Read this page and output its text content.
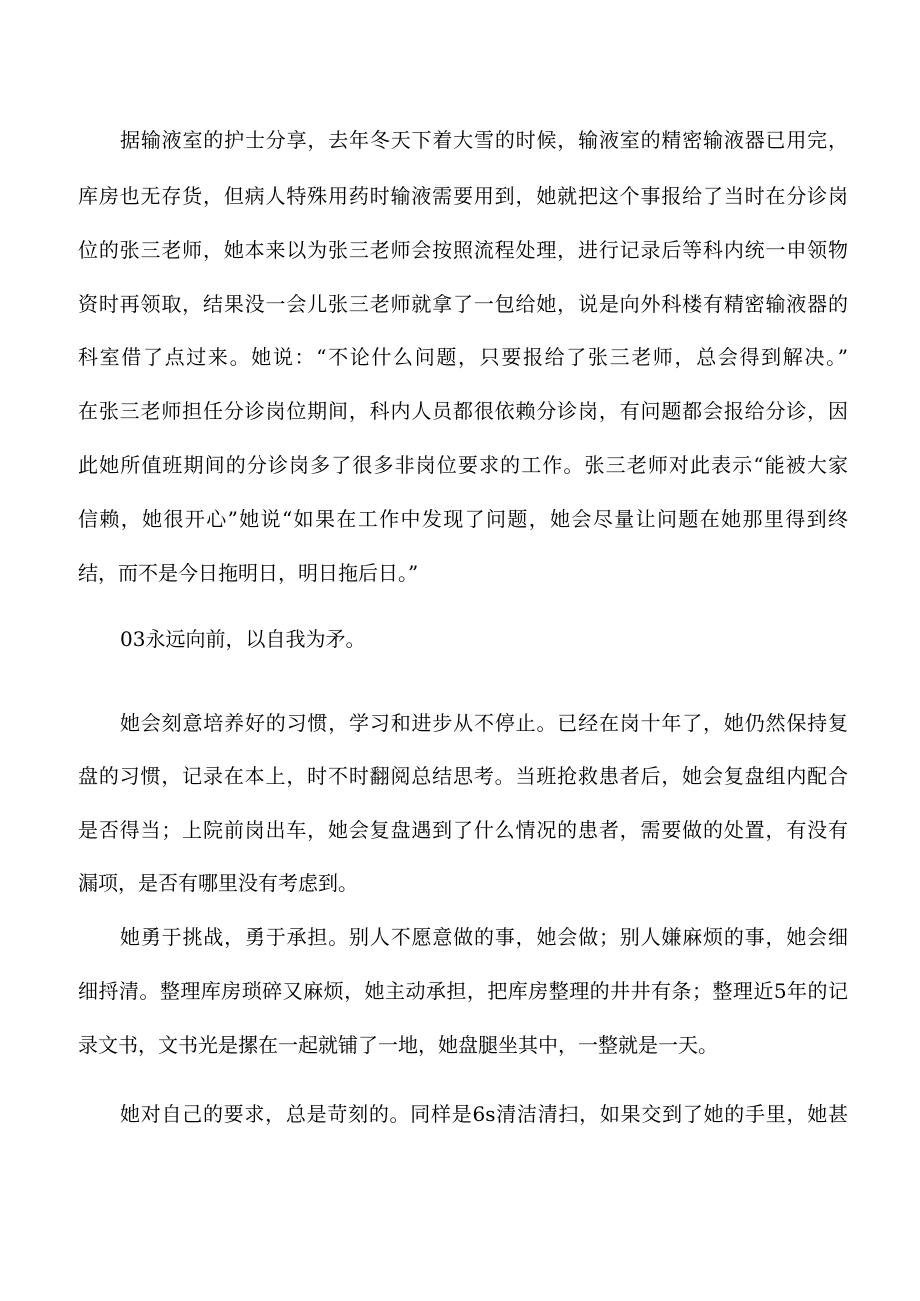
据输液室的护士分享，去年冬天下着大雪的时候，输液室的精密输液器已用完，
库房也无存货，但病人特殊用药时输液需要用到，她就把这个事报给了当时在分诊岗
位的张三老师，她本来以为张三老师会按照流程处理，进行记录后等科内统一申领物
资时再领取，结果没一会儿张三老师就拿了一包给她，说是向外科楼有精密输液器的
科室借了点过来。她说：“不论什么问题，只要报给了张三老师，总会得到解决。”
在张三老师担任分诊岗位期间，科内人员都很依赖分诊岗，有问题都会报给分诊，因
此她所值班期间的分诊岗多了很多非岗位要求的工作。张三老师对此表示“能被大家
信赖，她很开心”她说“如果在工作中发现了问题，她会尽量让问题在她那里得到终
结，而不是今日拖明日，明日拖后日。”
03永远向前，以自我为矛。
她会刻意培养好的习惯，学习和进步从不停止。已经在岗十年了，她仍然保持复
盘的习惯，记录在本上，时不时翻阅总结思考。当班抢救患者后，她会复盘组内配合
是否得当；上院前岗出车，她会复盘遇到了什么情况的患者，需要做的处置，有没有
漏项，是否有哪里没有考虑到。
她勇于挑战，勇于承担。别人不愿意做的事，她会做；别人嫌麻烦的事，她会细
细捋清。整理库房琐碎又麻烦，她主动承担，把库房整理的井井有条；整理近5年的记
录文书，文书光是摞在一起就铺了一地，她盘腿坐其中，一整就是一天。
她对自己的要求，总是苛刻的。同样是6s清洁清扫，如果交到了她的手里，她甚
